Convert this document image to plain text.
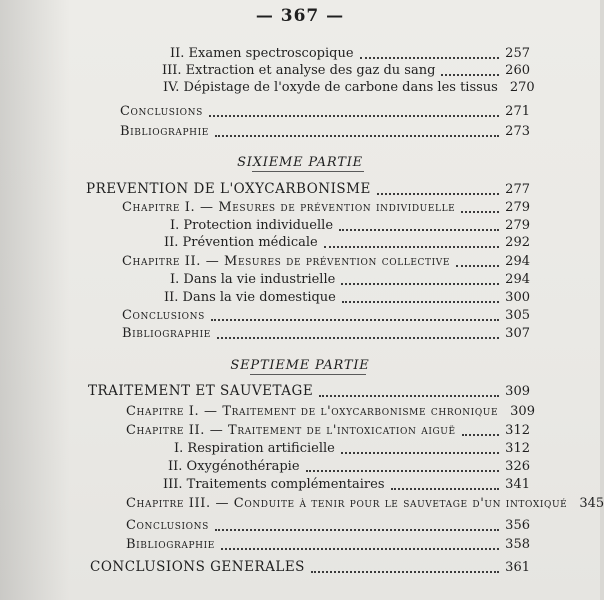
— 367 —
II. Examen spectroscopique	257
III. Extraction et analyse des gaz du sang	260
IV. Dépistage de l'oxyde de carbone dans les tissus 270
Conclusions	271
Bibliographie	273
SIXIEME PARTIE
PREVENTION DE L'OXYCARBONISME	277
Chapitre I. — Mesures de prévention individuelle	279
I. Protection individuelle	279
II. Prévention médicale	292
Chapitre II. — Mesures de prévention collective	294
I. Dans la vie industrielle	294
II. Dans la vie domestique	300
Conclusions	305
Bibliographie	307
SEPTIEME PARTIE
TRAITEMENT ET SAUVETAGE	309
Chapitre I. — Traitement de l'oxycarbonisme chronique 309
Chapitre II. — Traitement de l'intoxication aiguë	312
I. Respiration artificielle	312
II. Oxygénothérapie	326
III. Traitements complémentaires	341
Chapitre III. — Conduite à tenir pour le sauvetage d'un intoxiqué 345
Conclusions	356
Bibliographie	358
CONCLUSIONS GENERALES	361
